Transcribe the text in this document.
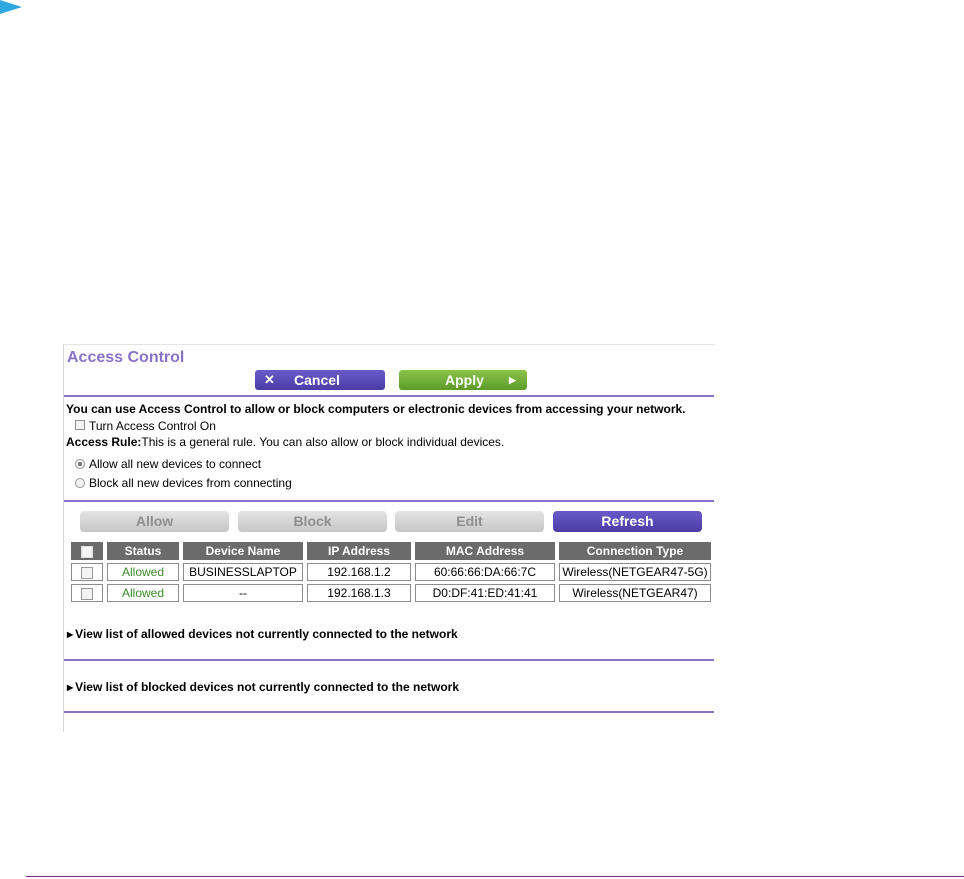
Access Control
✕ Cancel	Apply	▶
You can use Access Control to allow or block computers or electronic devices from accessing your network.
Turn Access Control On
Access Rule:This is a general rule. You can also allow or block individual devices.
Allow all new devices to connect
Block all new devices from connecting
Allow	Block	Edit	Refresh
	Status	Device Name	IP Address	MAC Address	Connection Type
	Allowed	BUSINESSLAPTOP	192.168.1.2	60:66:66:DA:66:7C	Wireless(NETGEAR47-5G)
	Allowed	--	192.168.1.3	D0:DF:41:ED:41:41	Wireless(NETGEAR47)
▶ View list of allowed devices not currently connected to the network
▶ View list of blocked devices not currently connected to the network
